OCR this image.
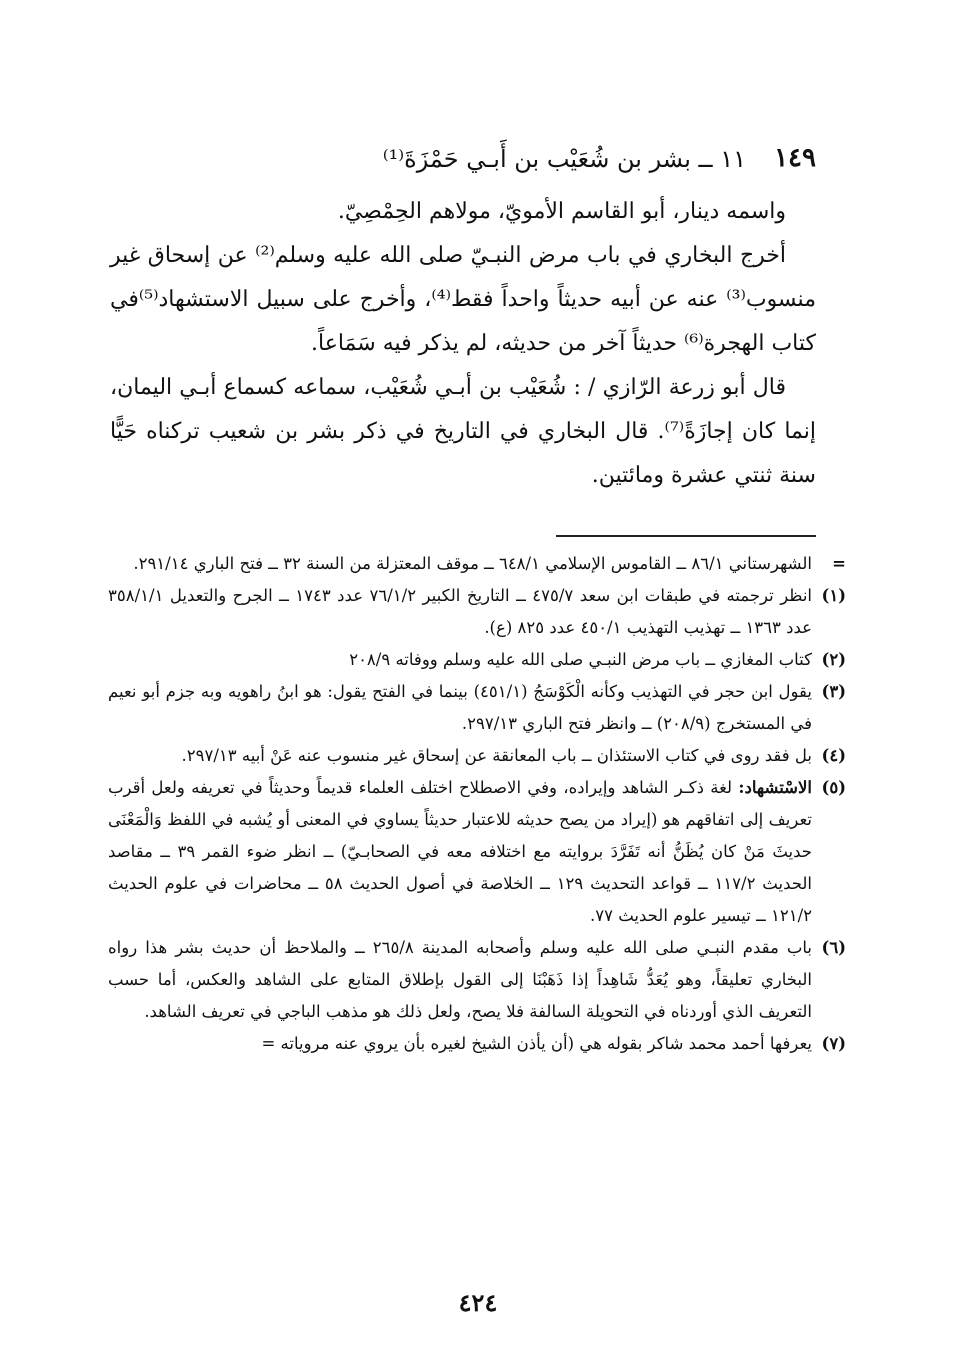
١٤٩
١١ ــ بشر بن شُعَيْب بن أَبـي حَمْزَةَ⁽¹⁾

واسمه دينار، أبو القاسم الأمويّ، مولاهم الحِمْصِيّ.

أخرج البخاري في باب مرض النبـيّ صلى الله عليه وسلم⁽²⁾ عن إسحاق غير منسوب⁽³⁾ عنه عن أبيه حديثاً واحداً فقط⁽⁴⁾، وأخرج على سبيل الاستشهاد⁽⁵⁾في كتاب الهجرة⁽⁶⁾ حديثاً آخر من حديثه، لم يذكر فيه سَمَاعاً.

قال أبو زرعة الرّازي / : شُعَيْب بن أبـي شُعَيْب، سماعه كسماع أبـي اليمان، إنما كان إجازَةً⁽⁷⁾. قال البخاري في التاريخ في ذكر بشر بن شعيب تركناه حَيًّا سنة ثنتي عشرة ومائتين.

=
الشهرستاني ٨٦/١ ــ القاموس الإسلامي ٦٤٨/١ ــ موقف المعتزلة من السنة ٣٢ ــ فتح الباري ٢٩١/١٤.
(١)
انظر ترجمته في طبقات ابن سعد ٤٧٥/٧ ــ التاريخ الكبير ٧٦/١/٢ عدد ١٧٤٣ ــ الجرح والتعديل ٣٥٨/١/١ عدد ١٣٦٣ ــ تهذيب التهذيب ٤٥٠/١ عدد ٨٢٥ (ع).
(٢)
كتاب المغازي ــ باب مرض النبـي صلى الله عليه وسلم ووفاته ٢٠٨/٩
(٣)
يقول ابن حجر في التهذيب وكأنه الْكَوْسَجُ (٤٥١/١) بينما في الفتح يقول: هو ابنُ راهويه وبه جزم أبو نعيم في المستخرج (٢٠٨/٩) ــ وانظر فتح الباري ٢٩٧/١٣.
(٤)
بل فقد روى في كتاب الاستئذان ــ باب المعانقة عن إسحاق غير منسوب عنه عَنْ أبيه ٢٩٧/١٣.
(٥)
الاسْتشهاد: لغة ذكـر الشاهد وإيراده، وفي الاصطلاح اختلف العلماء قديماً وحديثاً في تعريفه ولعل أقرب تعريف إلى اتفاقهم هو (إيراد من يصح حديثه للاعتبار حديثاً يساوي في المعنى أو يُشبه في اللفظ وَالْمَعْنَى حديثَ مَنْ كان يُظَنُّ أنه تَفَرَّدَ بروايته مع اختلافه معه في الصحابـيّ) ــ انظر ضوء القمر ٣٩ ــ مقاصد الحديث ١١٧/٢ ــ قواعد التحديث ١٢٩ ــ الخلاصة في أصول الحديث ٥٨ ــ محاضرات في علوم الحديث ١٢١/٢ ــ تيسير علوم الحديث ٧٧.
(٦)
باب مقدم النبـي صلى الله عليه وسلم وأصحابه المدينة ٢٦٥/٨ ــ والملاحظ أن حديث بشر هذا رواه البخاري تعليقاً، وهو يُعَدُّ شَاهِداً إذا ذَهَبْنَا إلى القول بإطلاق المتابع على الشاهد والعكس، أما حسب التعريف الذي أوردناه في التحويلة السالفة فلا يصح، ولعل ذلك هو مذهب الباجي في تعريف الشاهد.
(٧)
يعرفها أحمد محمد شاكر بقوله هي (أن يأذن الشيخ لغيره بأن يروي عنه مروياته =
٤٢٤
